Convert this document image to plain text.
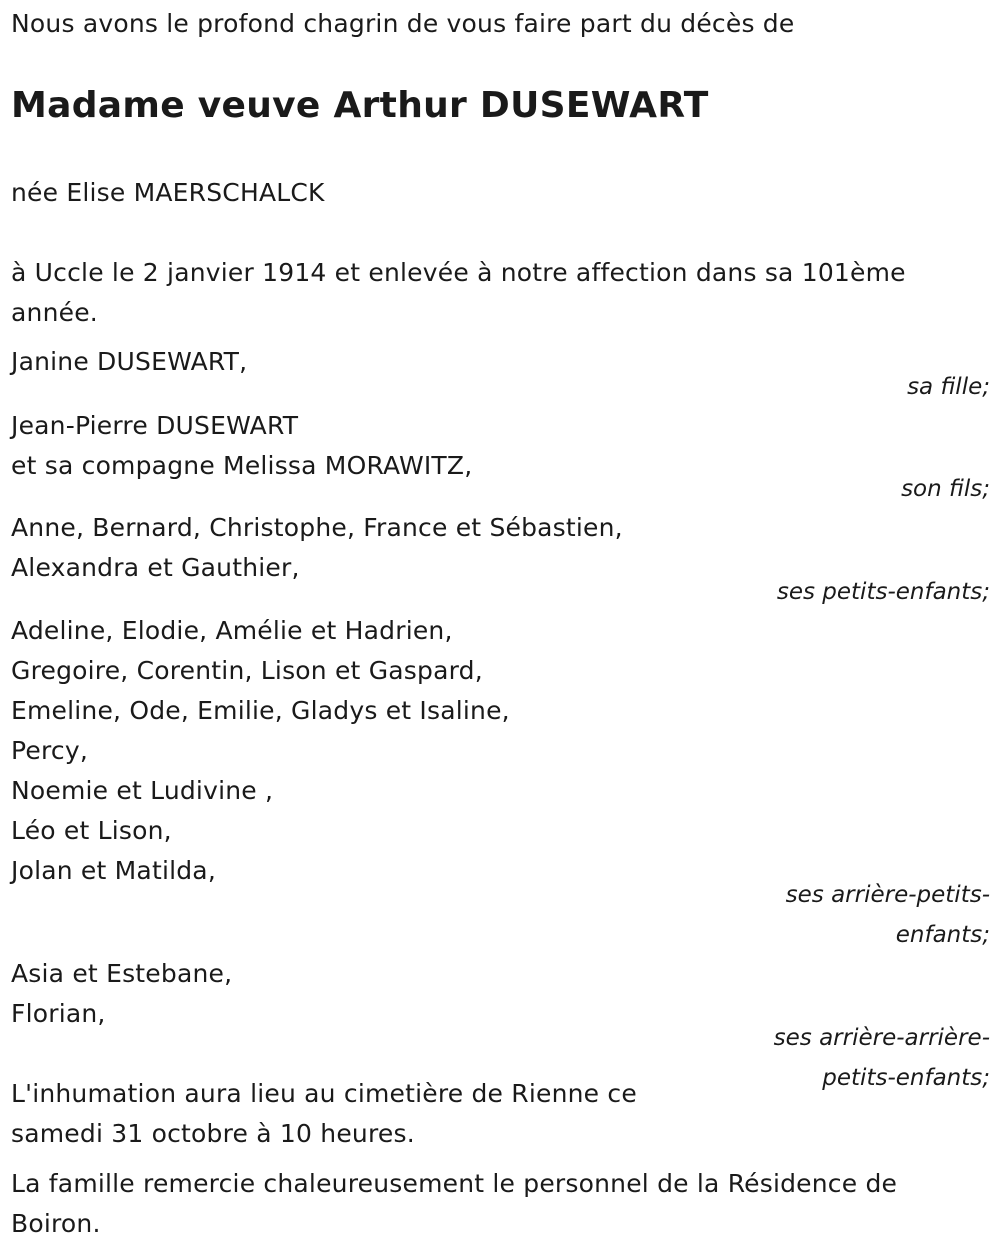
Nous avons le profond chagrin de vous faire part du décès de
Madame veuve Arthur DUSEWART
née Elise MAERSCHALCK
à Uccle le 2 janvier 1914 et enlevée à notre affection dans sa 101ème
année.
Janine DUSEWART,
sa fille;
Jean-Pierre DUSEWART
et sa compagne Melissa MORAWITZ,
son fils;
Anne, Bernard, Christophe, France et Sébastien,
Alexandra et Gauthier,
ses petits-enfants;
Adeline, Elodie, Amélie et Hadrien,
Gregoire, Corentin, Lison et Gaspard,
Emeline, Ode, Emilie, Gladys et Isaline,
Percy,
Noemie et Ludivine ,
Léo et Lison,
Jolan et Matilda,
ses arrière-petits-
enfants;
Asia et Estebane,
Florian,
ses arrière-arrière-
petits-enfants;
L'inhumation aura lieu au cimetière de Rienne ce
samedi 31 octobre à 10 heures.
La famille remercie chaleureusement le personnel de la Résidence de
Boiron.
